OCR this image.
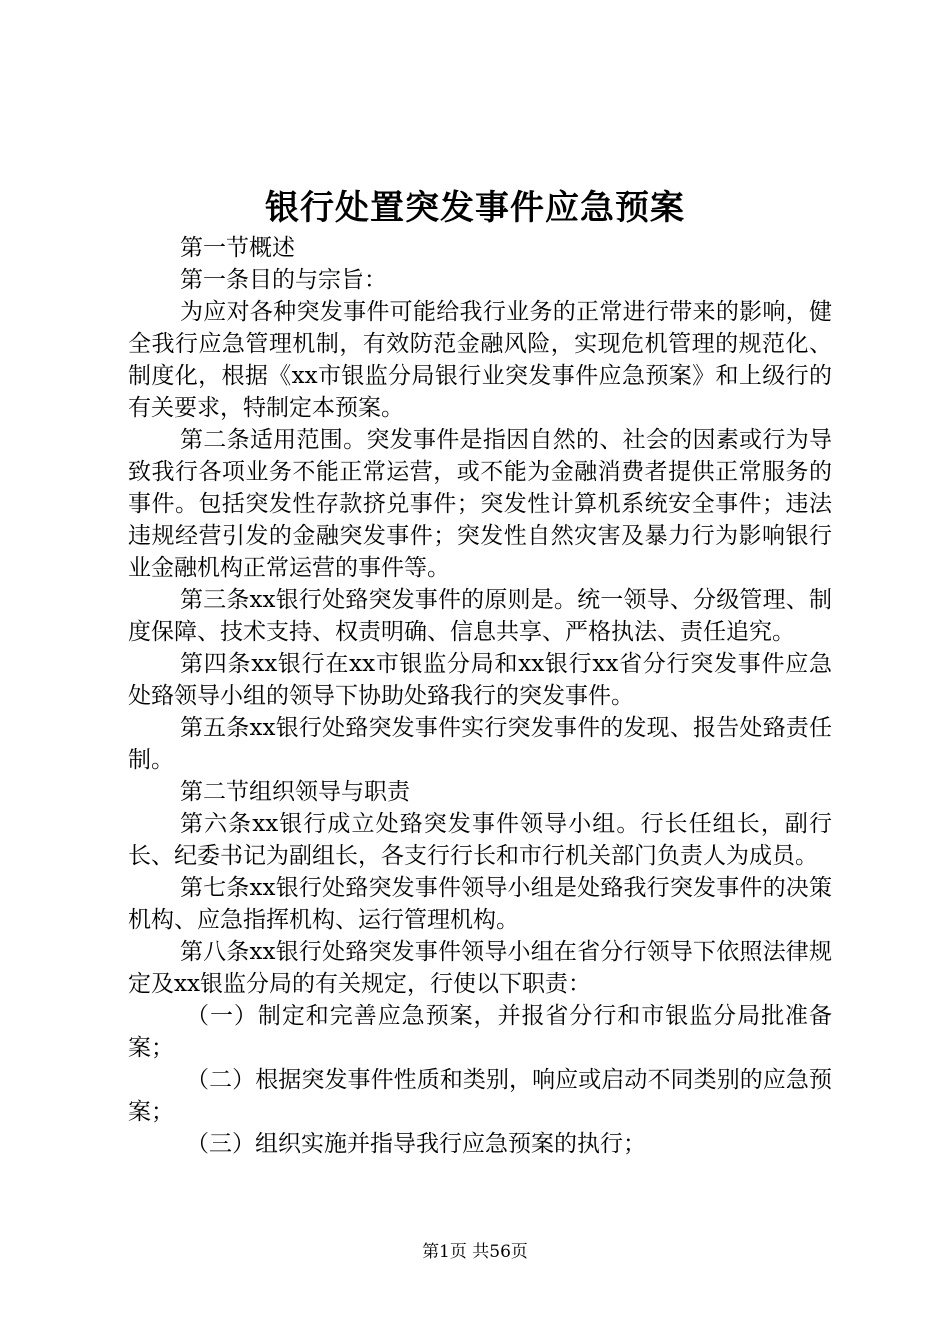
银行处置突发事件应急预案

第一节概述

第一条目的与宗旨：

为应对各种突发事件可能给我行业务的正常进行带来的影响，健全我行应急管理机制，有效防范金融风险，实现危机管理的规范化、制度化，根据《xx市银监分局银行业突发事件应急预案》和上级行的有关要求，特制定本预案。

第二条适用范围。突发事件是指因自然的、社会的因素或行为导致我行各项业务不能正常运营，或不能为金融消费者提供正常服务的事件。包括突发性存款挤兑事件；突发性计算机系统安全事件；违法违规经营引发的金融突发事件；突发性自然灾害及暴力行为影响银行业金融机构正常运营的事件等。

第三条xx银行处臵突发事件的原则是。统一领导、分级管理、制度保障、技术支持、权责明确、信息共享、严格执法、责任追究。

第四条xx银行在xx市银监分局和xx银行xx省分行突发事件应急处臵领导小组的领导下协助处臵我行的突发事件。

第五条xx银行处臵突发事件实行突发事件的发现、报告处臵责任制。

第二节组织领导与职责

第六条xx银行成立处臵突发事件领导小组。行长任组长，副行长、纪委书记为副组长，各支行行长和市行机关部门负责人为成员。

第七条xx银行处臵突发事件领导小组是处臵我行突发事件的决策机构、应急指挥机构、运行管理机构。

第八条xx银行处臵突发事件领导小组在省分行领导下依照法律规定及xx银监分局的有关规定，行使以下职责：

（一）制定和完善应急预案，并报省分行和市银监分局批准备案；

（二）根据突发事件性质和类别，响应或启动不同类别的应急预案；

（三）组织实施并指导我行应急预案的执行；

第1页 共56页
